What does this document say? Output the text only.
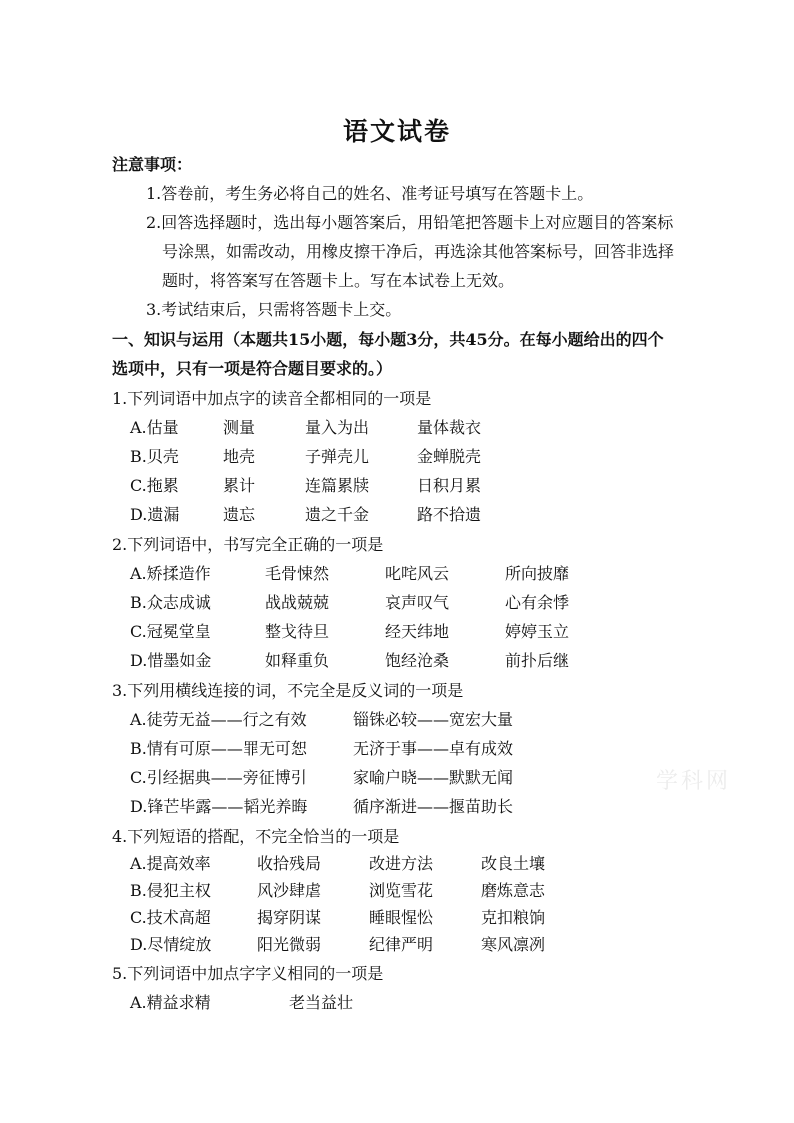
语文试卷
注意事项：
1.答卷前，考生务必将自己的姓名、准考证号填写在答题卡上。
2.回答选择题时，选出每小题答案后，用铅笔把答题卡上对应题目的答案标
号涂黑，如需改动，用橡皮擦干净后，再选涂其他答案标号，回答非选择
题时，将答案写在答题卡上。写在本试卷上无效。
3.考试结束后，只需将答题卡上交。
一、知识与运用（本题共15小题，每小题3分，共45分。在每小题给出的四个
选项中，只有一项是符合题目要求的。）
1.下列词语中加点字的读音全都相同的一项是
A.估量	测量	量入为出	量体裁衣
B.贝壳	地壳	子弹壳儿	金蝉脱壳
C.拖累	累计	连篇累牍	日积月累
D.遗漏	遗忘	遗之千金	路不拾遗
2.下列词语中，书写完全正确的一项是
A.矫揉造作	毛骨悚然	叱咤风云	所向披靡
B.众志成诚	战战兢兢	哀声叹气	心有余悸
C.冠冕堂皇	整戈待旦	经天纬地	婷婷玉立
D.惜墨如金	如释重负	饱经沧桑	前扑后继
3.下列用横线连接的词，不完全是反义词的一项是
A.徒劳无益——行之有效	锱铢必较——宽宏大量
B.情有可原——罪无可恕	无济于事——卓有成效
C.引经据典——旁征博引	家喻户晓——默默无闻
D.锋芒毕露——韬光养晦	循序渐进——揠苗助长
4.下列短语的搭配，不完全恰当的一项是
A.提高效率	收拾残局	改进方法	改良土壤
B.侵犯主权	风沙肆虐	浏览雪花	磨炼意志
C.技术高超	揭穿阴谋	睡眼惺忪	克扣粮饷
D.尽情绽放	阳光微弱	纪律严明	寒风凛冽
5.下列词语中加点字字义相同的一项是
A.精益求精	老当益壮
学科网
